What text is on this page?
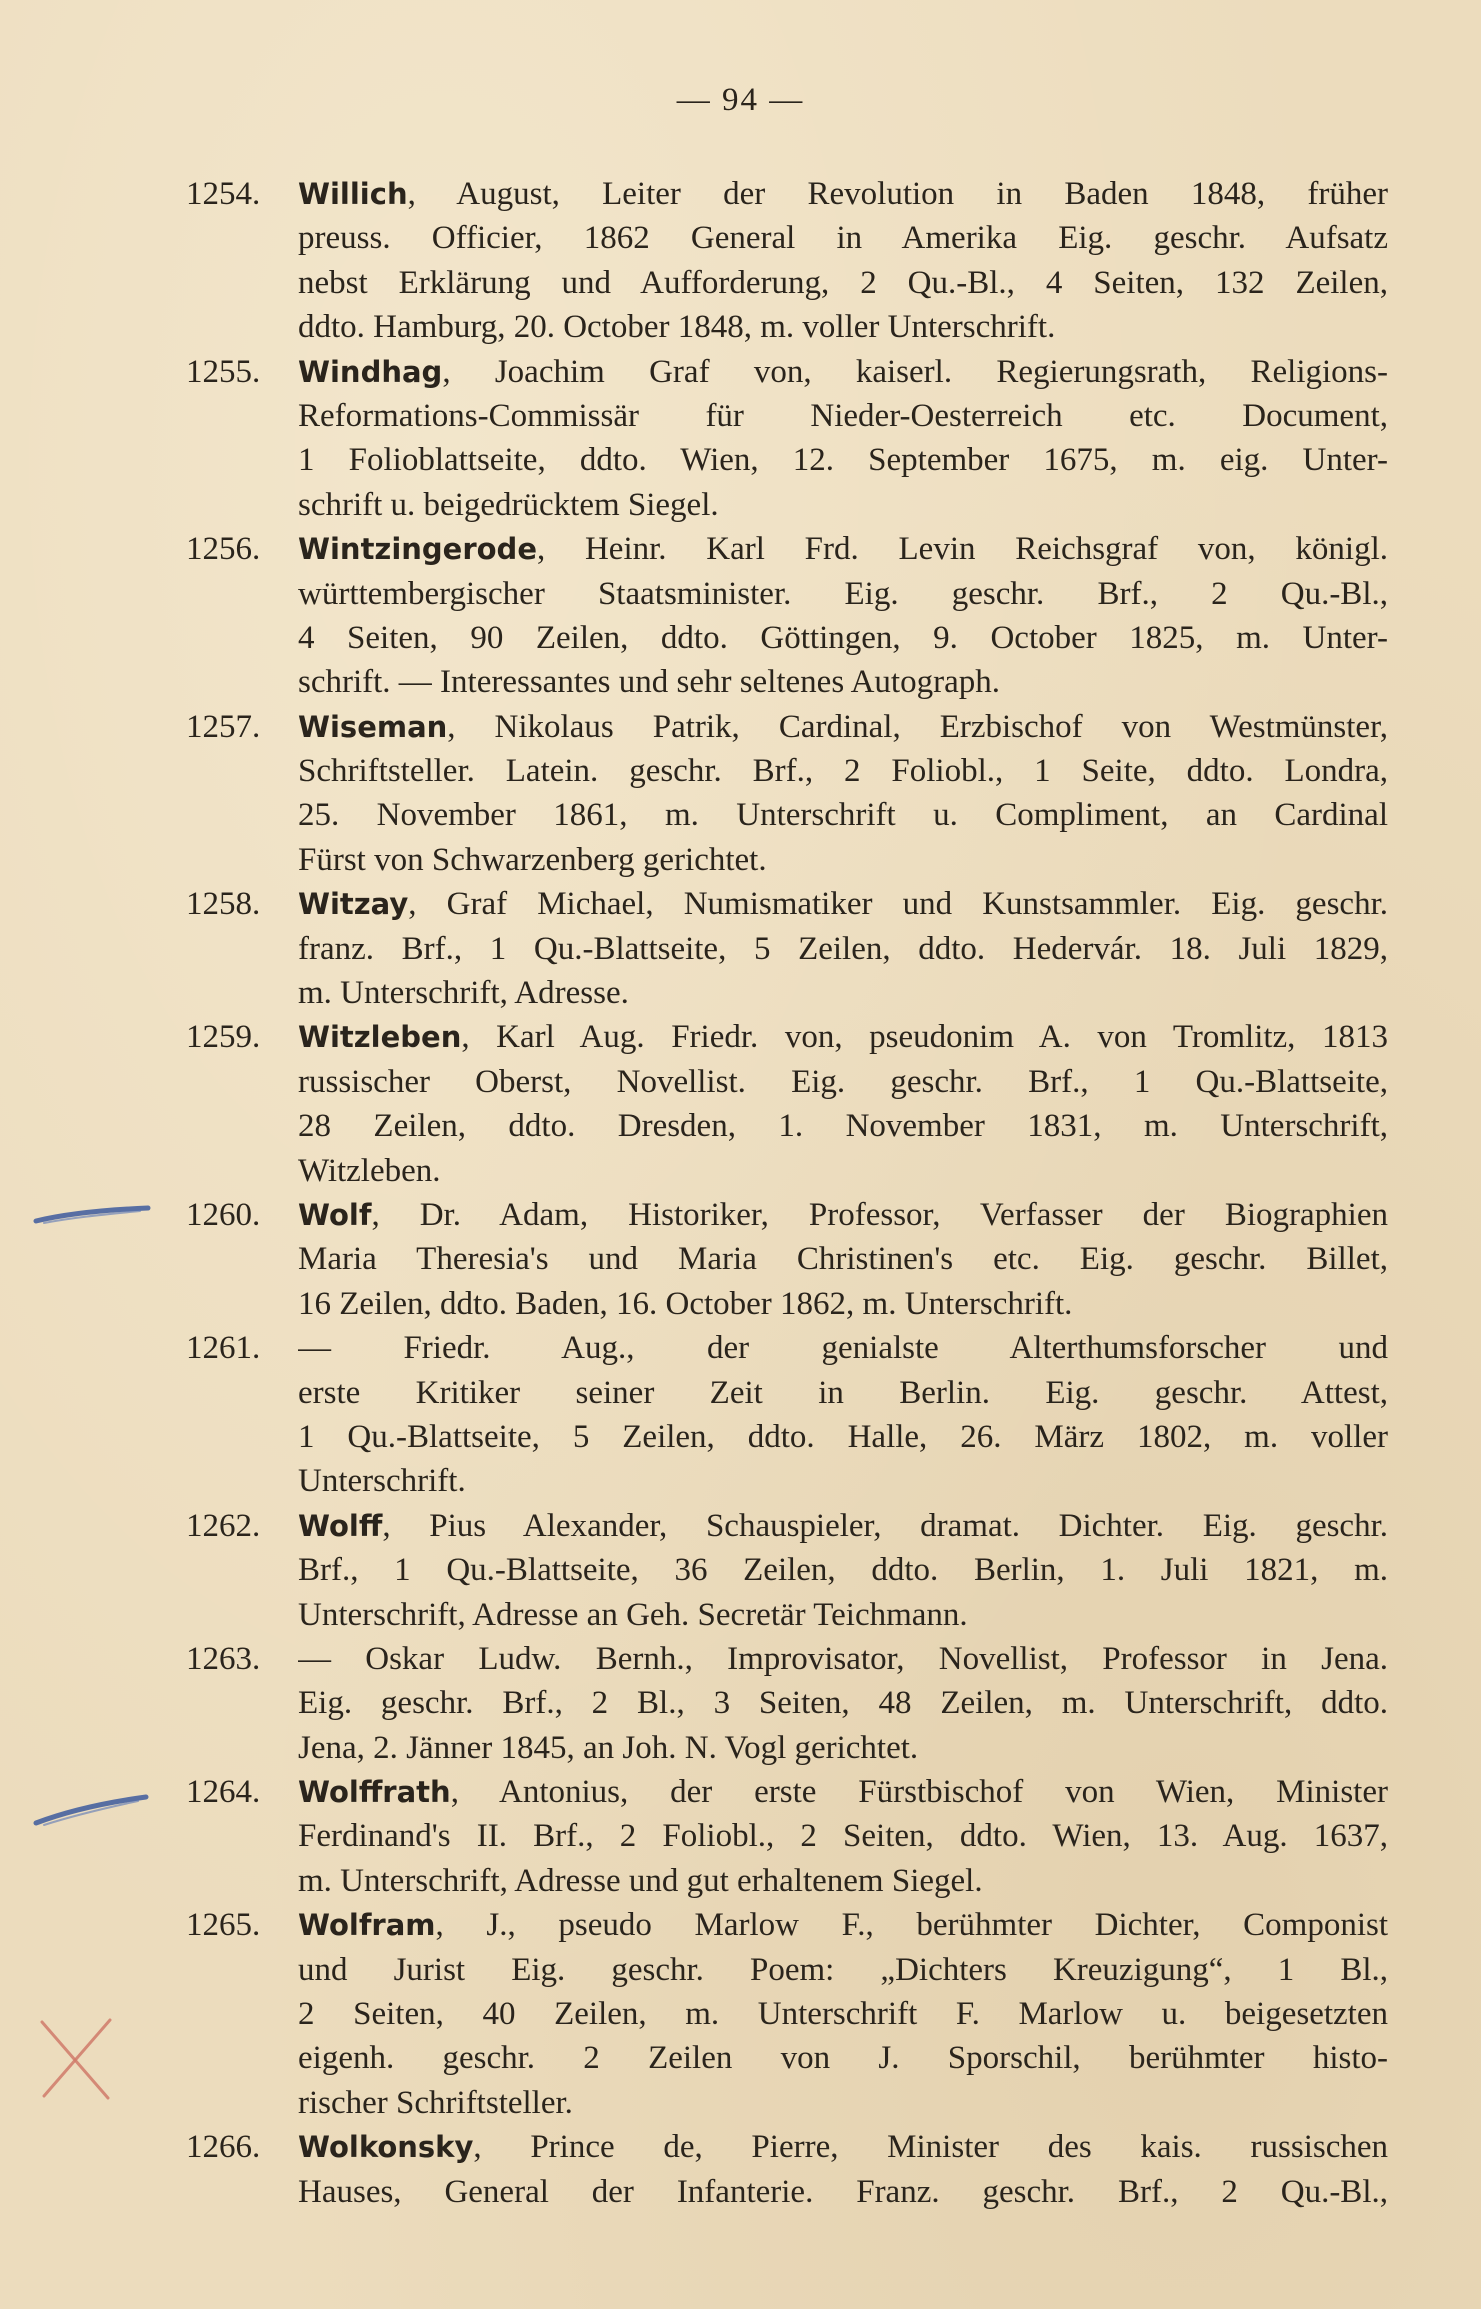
— 94 —
1254.	Willich, August, Leiter der Revolution in Baden 1848, früher
preuss. Officier, 1862 General in Amerika Eig. geschr. Aufsatz
nebst Erklärung und Aufforderung, 2 Qu.-Bl., 4 Seiten, 132 Zeilen,
ddto. Hamburg, 20. October 1848, m. voller Unterschrift.
1255.	Windhag, Joachim Graf von, kaiserl. Regierungsrath, Religions-
Reformations-Commissär für Nieder-Oesterreich etc. Document,
1 Folioblattseite, ddto. Wien, 12. September 1675, m. eig. Unter-
schrift u. beigedrücktem Siegel.
1256.	Wintzingerode, Heinr. Karl Frd. Levin Reichsgraf von, königl.
württembergischer Staatsminister. Eig. geschr. Brf., 2 Qu.-Bl.,
4 Seiten, 90 Zeilen, ddto. Göttingen, 9. October 1825, m. Unter-
schrift. — Interessantes und sehr seltenes Autograph.
1257.	Wiseman, Nikolaus Patrik, Cardinal, Erzbischof von Westmünster,
Schriftsteller. Latein. geschr. Brf., 2 Foliobl., 1 Seite, ddto. Londra,
25. November 1861, m. Unterschrift u. Compliment, an Cardinal
Fürst von Schwarzenberg gerichtet.
1258.	Witzay, Graf Michael, Numismatiker und Kunstsammler. Eig. geschr.
franz. Brf., 1 Qu.-Blattseite, 5 Zeilen, ddto. Hedervár. 18. Juli 1829,
m. Unterschrift, Adresse.
1259.	Witzleben, Karl Aug. Friedr. von, pseudonim A. von Tromlitz, 1813
russischer Oberst, Novellist. Eig. geschr. Brf., 1 Qu.-Blattseite,
28 Zeilen, ddto. Dresden, 1. November 1831, m. Unterschrift,
Witzleben.
1260.	Wolf, Dr. Adam, Historiker, Professor, Verfasser der Biographien
Maria Theresia's und Maria Christinen's etc. Eig. geschr. Billet,
16 Zeilen, ddto. Baden, 16. October 1862, m. Unterschrift.
1261.	— Friedr. Aug., der genialste Alterthumsforscher und
erste Kritiker seiner Zeit in Berlin. Eig. geschr. Attest,
1 Qu.-Blattseite, 5 Zeilen, ddto. Halle, 26. März 1802, m. voller
Unterschrift.
1262.	Wolff, Pius Alexander, Schauspieler, dramat. Dichter. Eig. geschr.
Brf., 1 Qu.-Blattseite, 36 Zeilen, ddto. Berlin, 1. Juli 1821, m.
Unterschrift, Adresse an Geh. Secretär Teichmann.
1263.	— Oskar Ludw. Bernh., Improvisator, Novellist, Professor in Jena.
Eig. geschr. Brf., 2 Bl., 3 Seiten, 48 Zeilen, m. Unterschrift, ddto.
Jena, 2. Jänner 1845, an Joh. N. Vogl gerichtet.
1264.	Wolffrath, Antonius, der erste Fürstbischof von Wien, Minister
Ferdinand's II. Brf., 2 Foliobl., 2 Seiten, ddto. Wien, 13. Aug. 1637,
m. Unterschrift, Adresse und gut erhaltenem Siegel.
1265.	Wolfram, J., pseudo Marlow F., berühmter Dichter, Componist
und Jurist Eig. geschr. Poem: „Dichters Kreuzigung“, 1 Bl.,
2 Seiten, 40 Zeilen, m. Unterschrift F. Marlow u. beigesetzten
eigenh. geschr. 2 Zeilen von J. Sporschil, berühmter histo-
rischer Schriftsteller.
1266.	Wolkonsky, Prince de, Pierre, Minister des kais. russischen
Hauses, General der Infanterie. Franz. geschr. Brf., 2 Qu.-Bl.,
